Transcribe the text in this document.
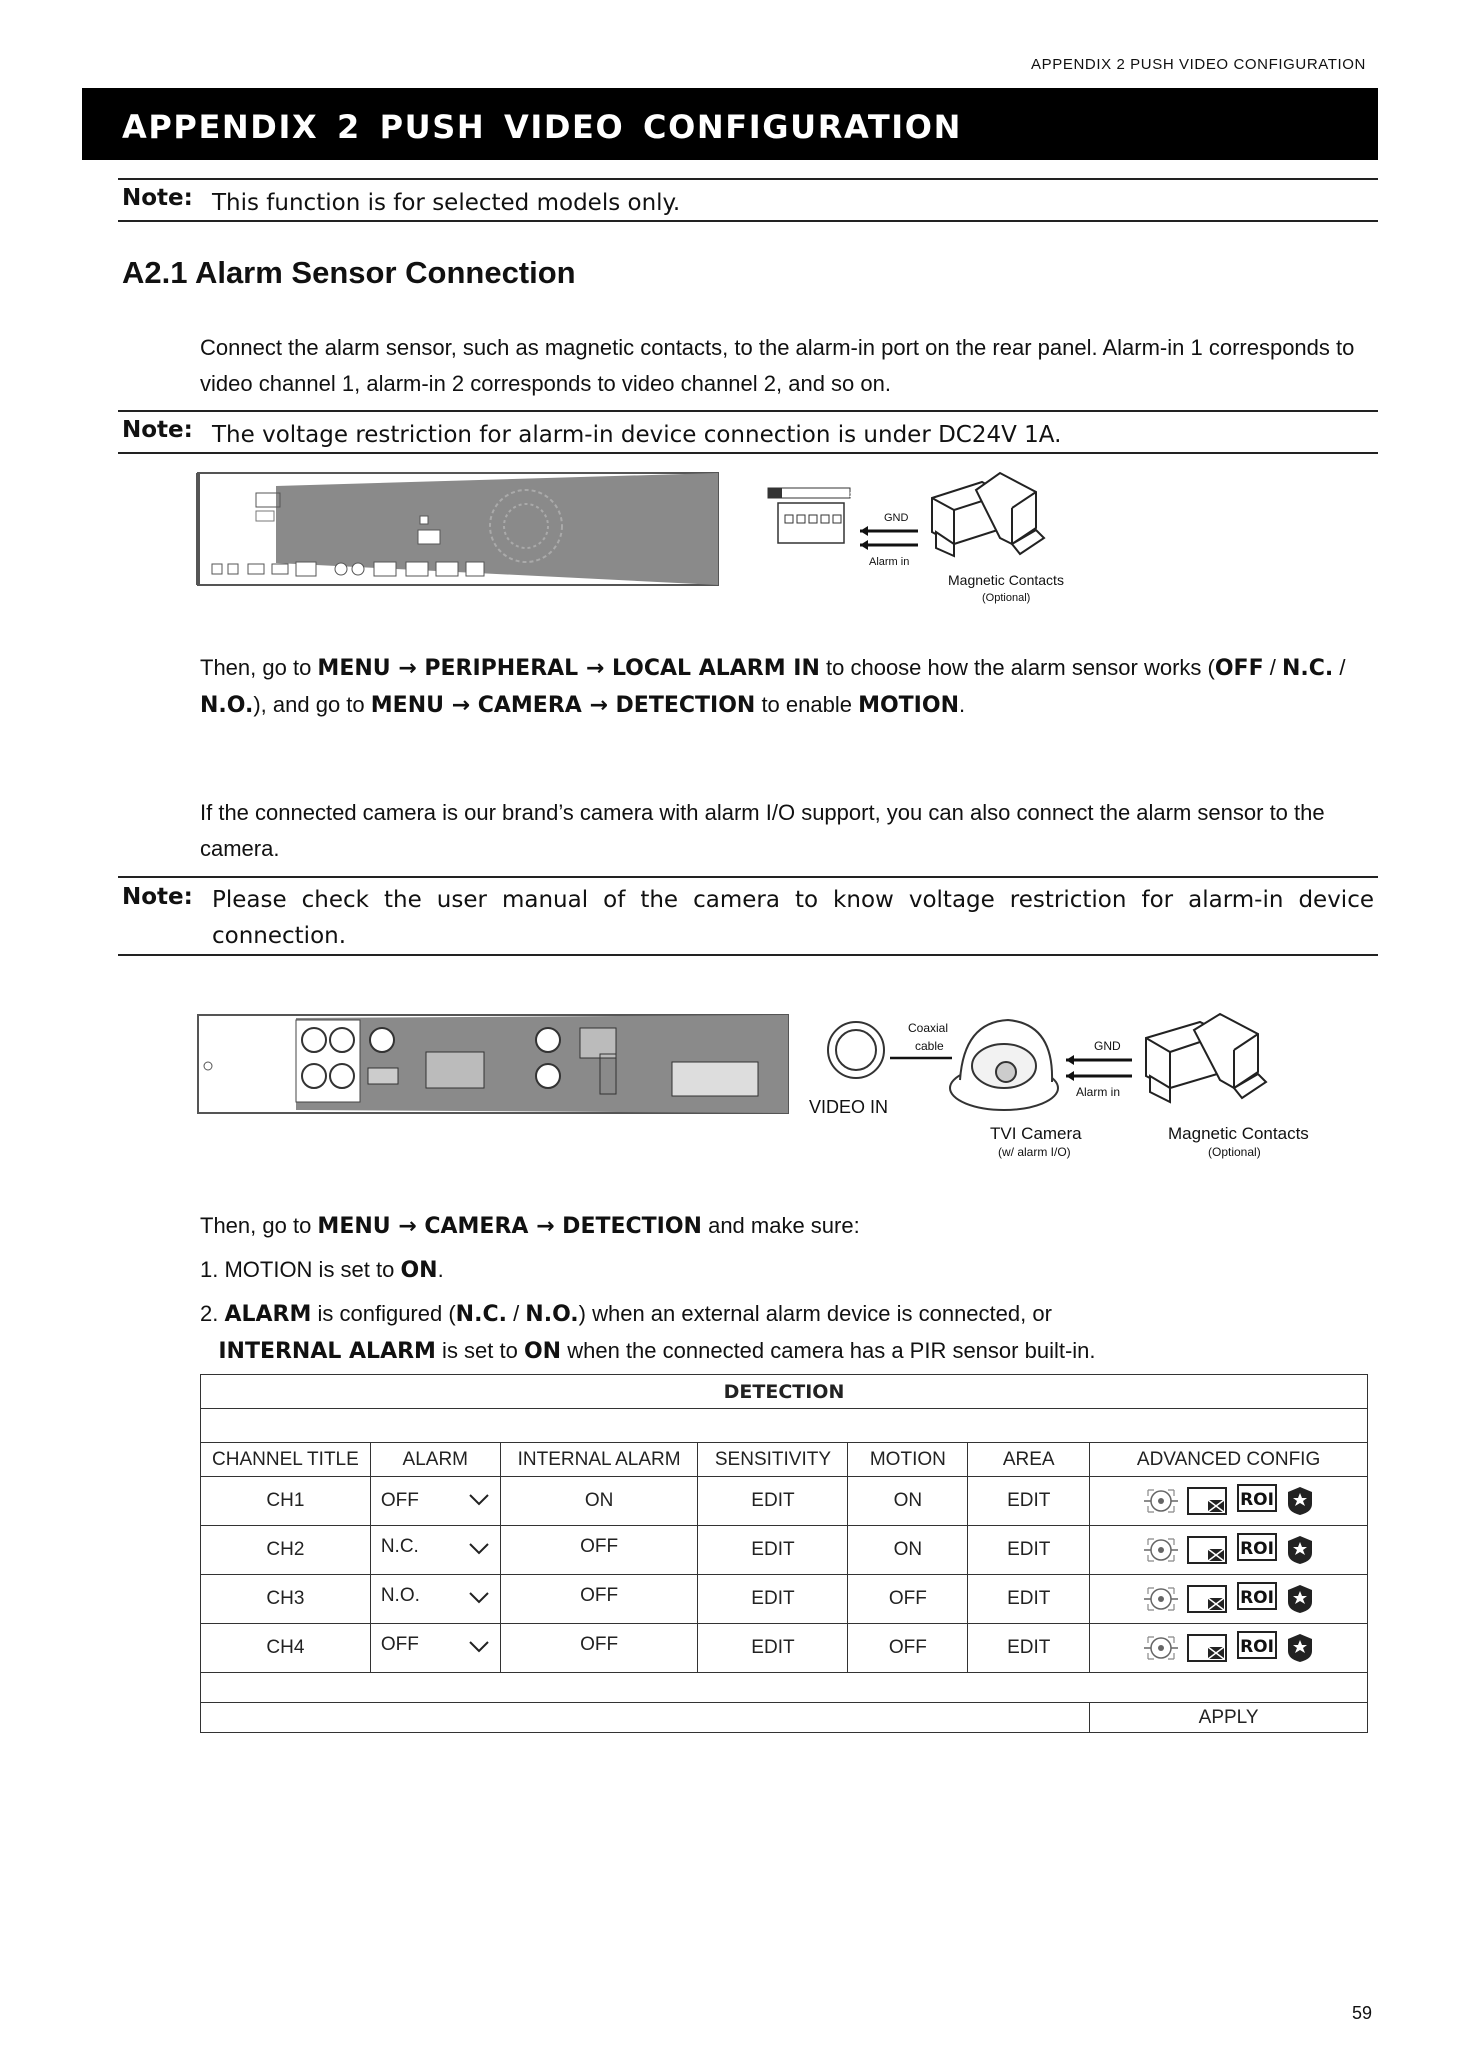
APPENDIX 2 PUSH VIDEO CONFIGURATION
APPENDIX 2 PUSH VIDEO CONFIGURATION
Note: This function is for selected models only.
A2.1 Alarm Sensor Connection

Connect the alarm sensor, such as magnetic contacts, to the alarm-in port on the rear panel. Alarm-in 1 corresponds to video channel 1, alarm-in 2 corresponds to video channel 2, and so on.

Note: The voltage restriction for alarm-in device connection is under DC24V 1A.
GND 1 2 3 4 Alarm IN
GND
Alarm in
Magnetic Contacts
(Optional)

Then, go to MENU → PERIPHERAL → LOCAL ALARM IN to choose how the alarm sensor works (OFF / N.C. / N.O.), and go to MENU → CAMERA → DETECTION to enable MOTION.

If the connected camera is our brand’s camera with alarm I/O support, you can also connect the alarm sensor to the camera.

Note: Please check the user manual of the camera to know voltage restriction for alarm-in device connection.
VIDEO IN
Coaxial
cable	GND
Alarm in
TVI Camera
(w/ alarm I/O)
Magnetic Contacts
(Optional)

Then, go to MENU → CAMERA → DETECTION and make sure:

1. MOTION is set to ON.

2. ALARM is configured (N.C. / N.O.) when an external alarm device is connected, or
INTERNAL ALARM is set to ON when the connected camera has a PIR sensor built-in.

DETECTION							

CHANNEL TITLE	ALARM		INTERNAL ALARM	SENSITIVITY	MOTION	AREA	ADVANCED CONFIG
CH1	OFF		ON	EDIT	ON	EDIT	ROI

CH2	N.C.		OFF	EDIT	ON	EDIT	ROI

CH3	N.O.		OFF	EDIT	OFF	EDIT	ROI

CH4	OFF		OFF	EDIT	OFF	EDIT	ROI

							APPLY
59
